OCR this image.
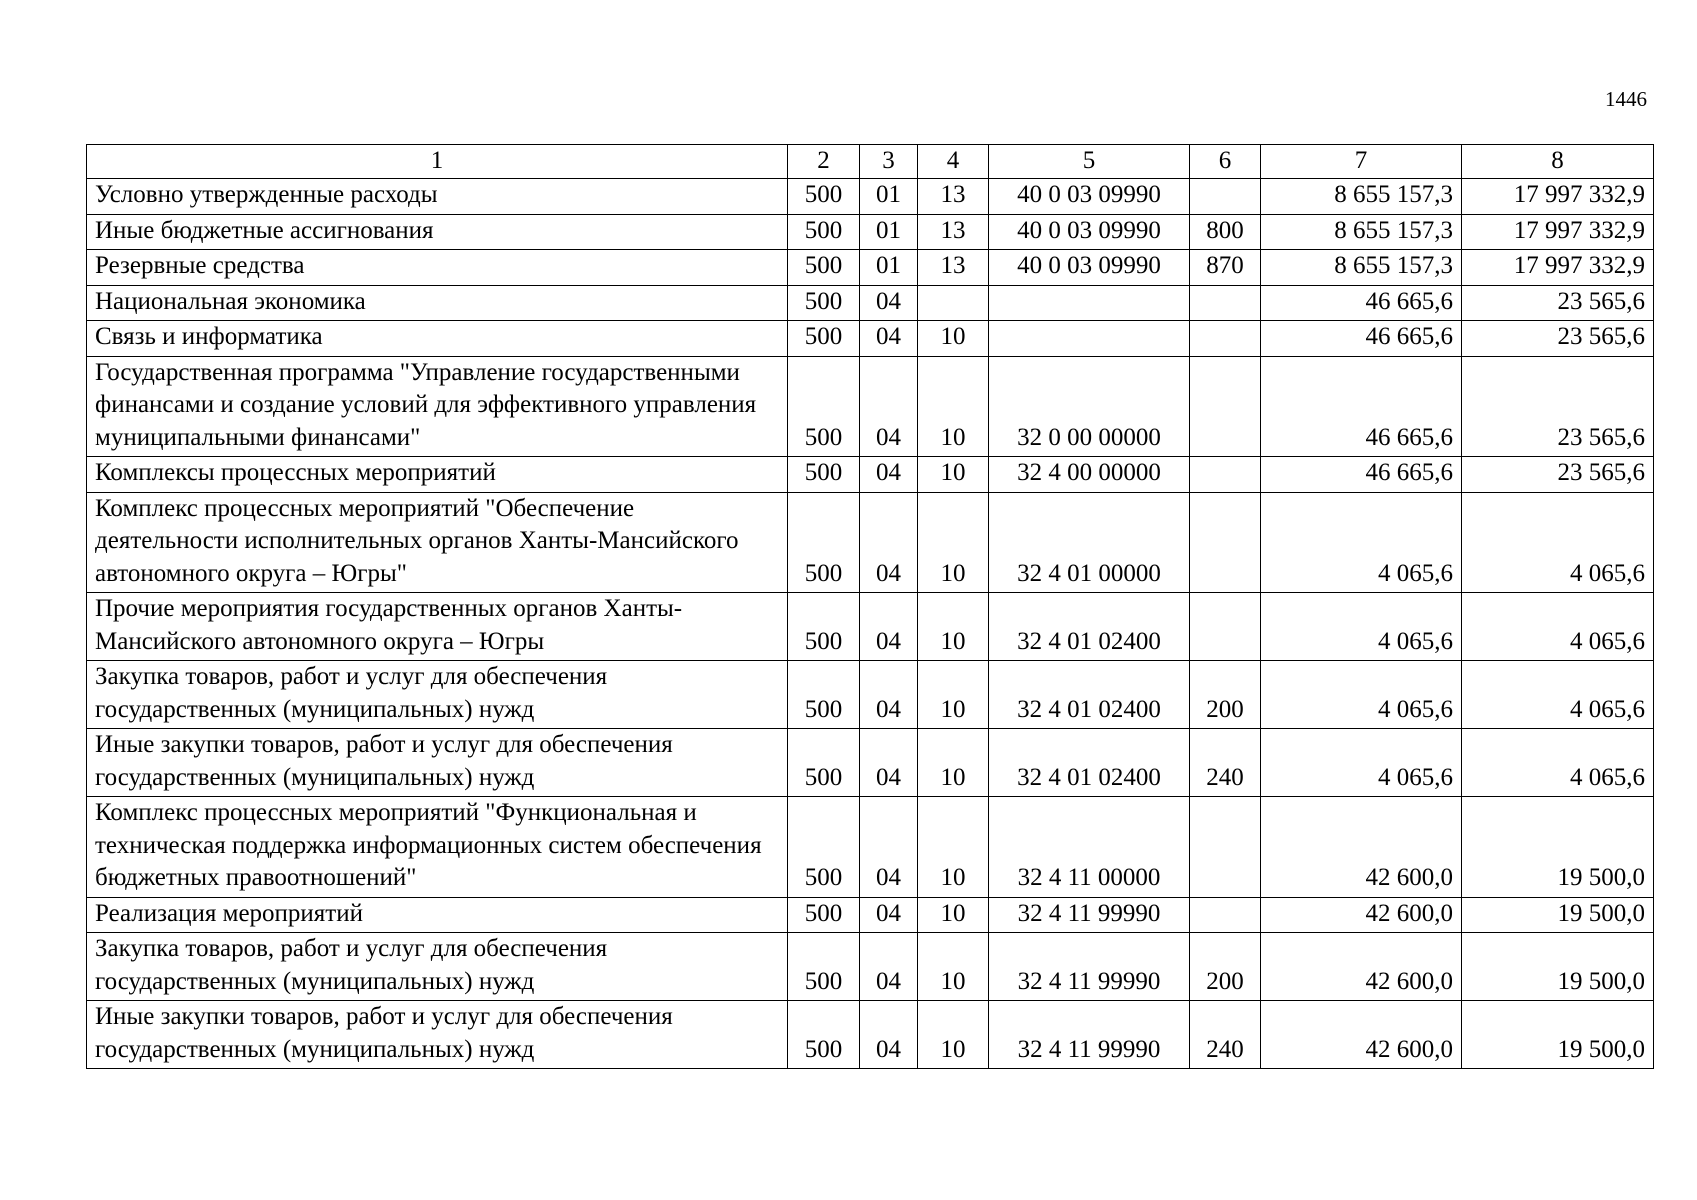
1446
1	2	3	4	5	6	7	8
Условно утвержденные расходы	500	01	13	40 0 03 09990		8 655 157,3	17 997 332,9
Иные бюджетные ассигнования	500	01	13	40 0 03 09990	800	8 655 157,3	17 997 332,9
Резервные средства	500	01	13	40 0 03 09990	870	8 655 157,3	17 997 332,9
Национальная экономика	500	04				46 665,6	23 565,6
Связь и информатика	500	04	10			46 665,6	23 565,6
Государственная программа "Управление государственными финансами и создание условий для эффективного управления муниципальными финансами"	500	04	10	32 0 00 00000		46 665,6	23 565,6
Комплексы процессных мероприятий	500	04	10	32 4 00 00000		46 665,6	23 565,6
Комплекс процессных мероприятий "Обеспечение деятельности исполнительных органов Ханты-Мансийского автономного округа – Югры"	500	04	10	32 4 01 00000		4 065,6	4 065,6
Прочие мероприятия государственных органов Ханты-Мансийского автономного округа – Югры	500	04	10	32 4 01 02400		4 065,6	4 065,6
Закупка товаров, работ и услуг для обеспечения государственных (муниципальных) нужд	500	04	10	32 4 01 02400	200	4 065,6	4 065,6
Иные закупки товаров, работ и услуг для обеспечения государственных (муниципальных) нужд	500	04	10	32 4 01 02400	240	4 065,6	4 065,6
Комплекс процессных мероприятий "Функциональная и техническая поддержка информационных систем обеспечения бюджетных правоотношений"	500	04	10	32 4 11 00000		42 600,0	19 500,0
Реализация мероприятий	500	04	10	32 4 11 99990		42 600,0	19 500,0
Закупка товаров, работ и услуг для обеспечения государственных (муниципальных) нужд	500	04	10	32 4 11 99990	200	42 600,0	19 500,0
Иные закупки товаров, работ и услуг для обеспечения государственных (муниципальных) нужд	500	04	10	32 4 11 99990	240	42 600,0	19 500,0
